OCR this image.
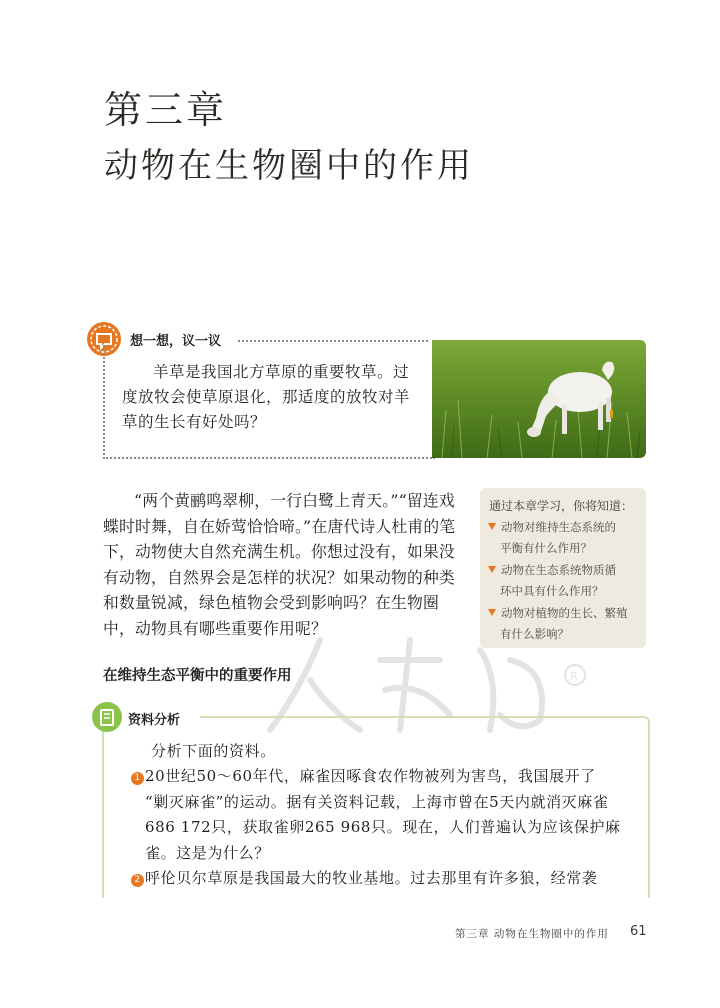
第三章
动物在生物圈中的作用
想一想，议一议
羊草是我国北方草原的重要牧草。过度放牧会使草原退化，那适度的放牧对羊草的生长有好处吗？
“两个黄鹂鸣翠柳，一行白鹭上青天。”“留连戏蝶时时舞，自在娇莺恰恰啼。”在唐代诗人杜甫的笔下，动物使大自然充满生机。你想过没有，如果没有动物，自然界会是怎样的状况？如果动物的种类和数量锐减，绿色植物会受到影响吗？在生物圈中，动物具有哪些重要作用呢？
通过本章学习，你将知道：
动物对维持生态系统的
平衡有什么作用？
动物在生态系统物质循
环中具有什么作用？
动物对植物的生长、繁殖
有什么影响？
在维持生态平衡中的重要作用	R
资料分析
分析下面的资料。
1 20世纪50～60年代，麻雀因啄食农作物被列为害鸟，我国展开了
“剿灭麻雀”的运动。据有关资料记载，上海市曾在5天内就消灭麻雀686 172只，获取雀卵265 968只。现在，人们普遍认为应该保护麻雀。这是为什么？
2 呼伦贝尔草原是我国最大的牧业基地。过去那里有许多狼，经常袭
第三章 动物在生物圈中的作用 61
